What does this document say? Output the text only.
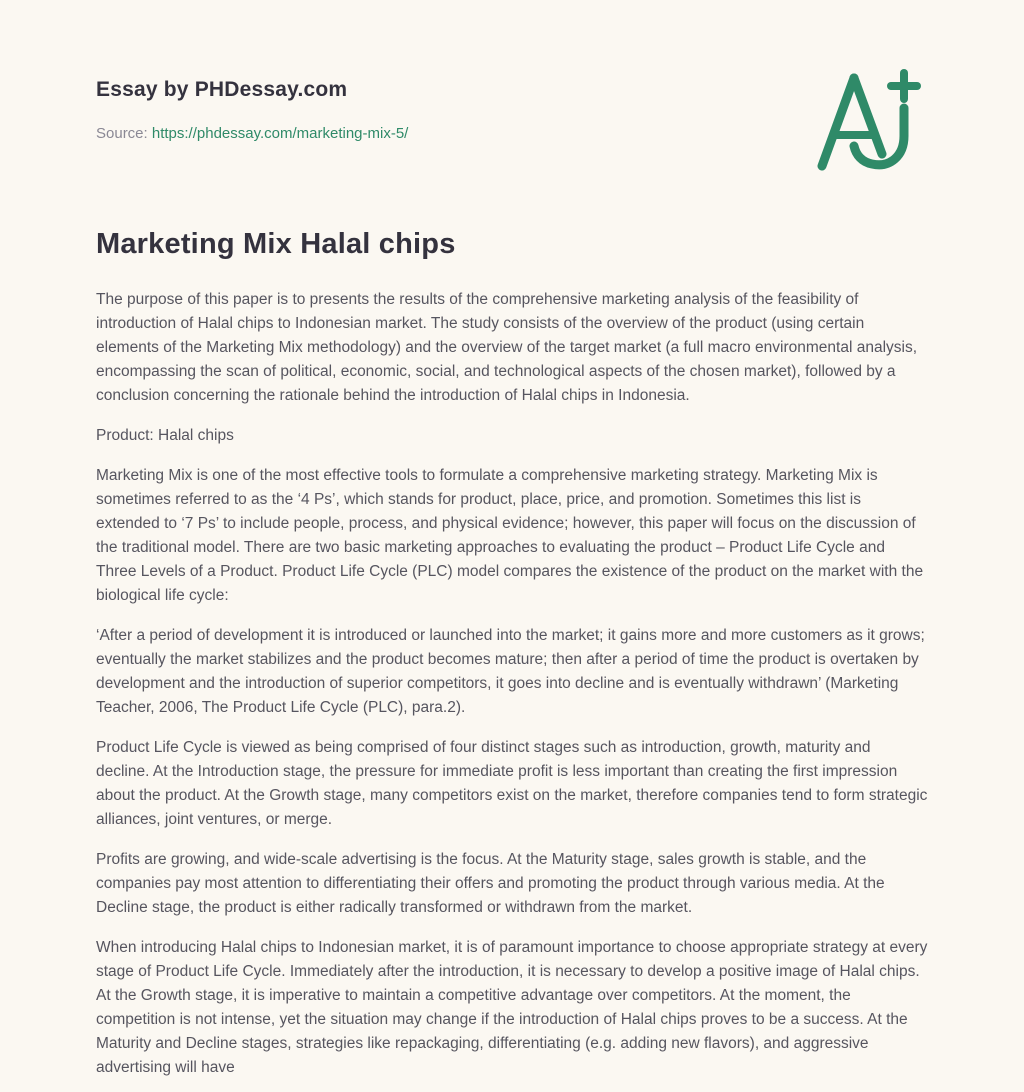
Essay by PHDessay.com

Source: https://phdessay.com/marketing-mix-5/

Marketing Mix Halal chips

The purpose of this paper is to presents the results of the comprehensive marketing analysis of the feasibility of introduction of Halal chips to Indonesian market. The study consists of the overview of the product (using certain elements of the Marketing Mix methodology) and the overview of the target market (a full macro environmental analysis, encompassing the scan of political, economic, social, and technological aspects of the chosen market), followed by a conclusion concerning the rationale behind the introduction of Halal chips in Indonesia.

Product: Halal chips

Marketing Mix is one of the most effective tools to formulate a comprehensive marketing strategy. Marketing Mix is sometimes referred to as the ‘4 Ps’, which stands for product, place, price, and promotion. Sometimes this list is extended to ‘7 Ps’ to include people, process, and physical evidence; however, this paper will focus on the discussion of the traditional model. There are two basic marketing approaches to evaluating the product – Product Life Cycle and Three Levels of a Product. Product Life Cycle (PLC) model compares the existence of the product on the market with the biological life cycle:

‘After a period of development it is introduced or launched into the market; it gains more and more customers as it grows; eventually the market stabilizes and the product becomes mature; then after a period of time the product is overtaken by development and the introduction of superior competitors, it goes into decline and is eventually withdrawn’ (Marketing Teacher, 2006, The Product Life Cycle (PLC), para.2).

Product Life Cycle is viewed as being comprised of four distinct stages such as introduction, growth, maturity and decline. At the Introduction stage, the pressure for immediate profit is less important than creating the first impression about the product. At the Growth stage, many competitors exist on the market, therefore companies tend to form strategic alliances, joint ventures, or merge.

Profits are growing, and wide-scale advertising is the focus. At the Maturity stage, sales growth is stable, and the companies pay most attention to differentiating their offers and promoting the product through various media. At the Decline stage, the product is either radically transformed or withdrawn from the market.

When introducing Halal chips to Indonesian market, it is of paramount importance to choose appropriate strategy at every stage of Product Life Cycle. Immediately after the introduction, it is necessary to develop a positive image of Halal chips. At the Growth stage, it is imperative to maintain a competitive advantage over competitors. At the moment, the competition is not intense, yet the situation may change if the introduction of Halal chips proves to be a success. At the Maturity and Decline stages, strategies like repackaging, differentiating (e.g. adding new flavors), and aggressive advertising will have
